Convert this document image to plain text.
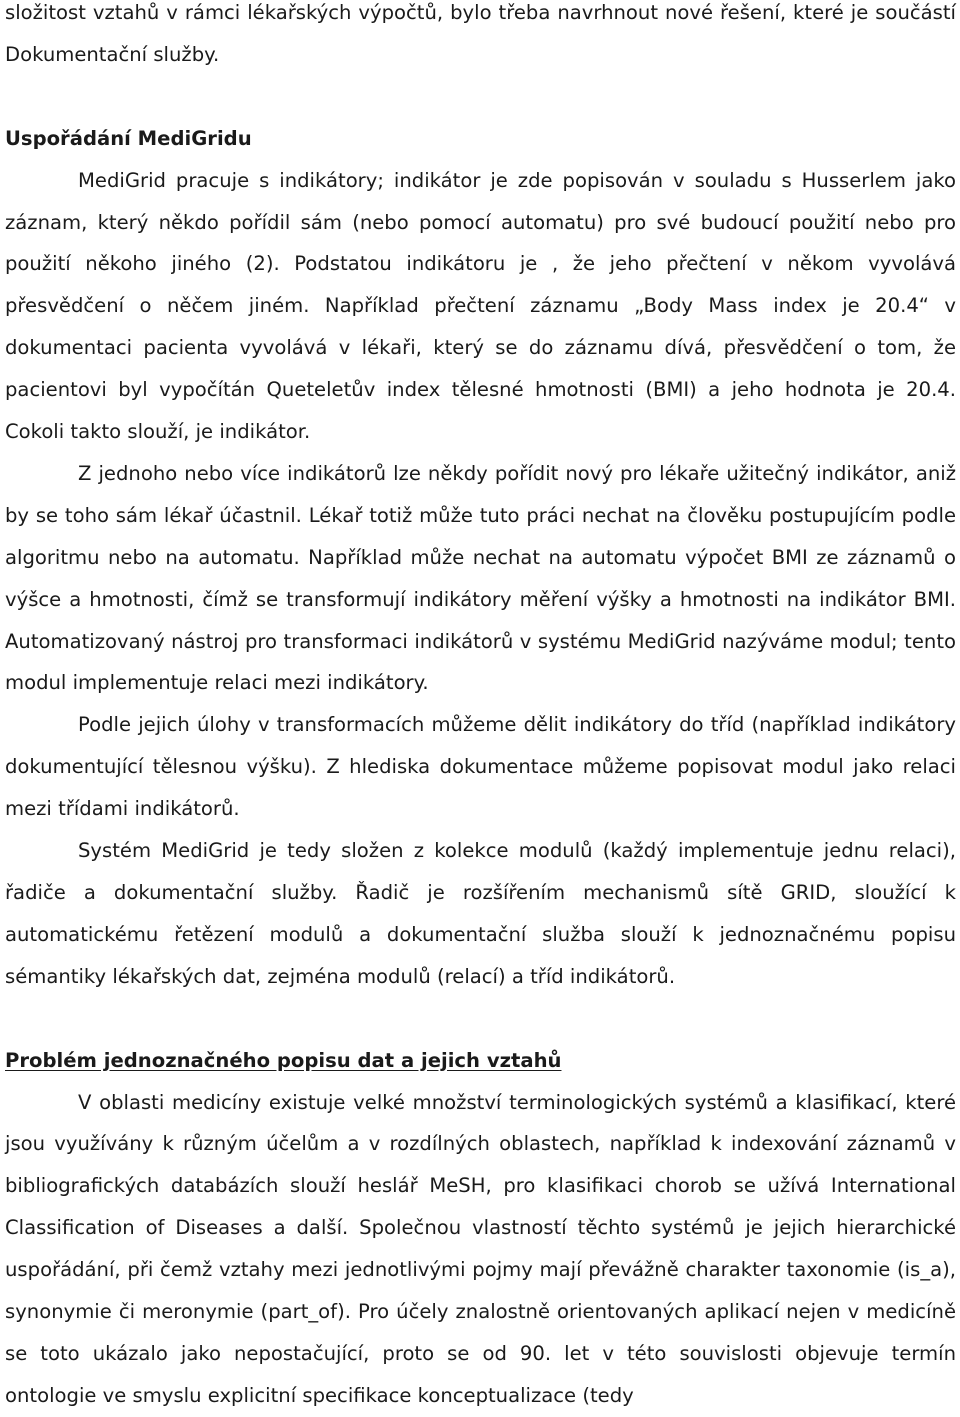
složitost vztahů v rámci lékařských výpočtů, bylo třeba navrhnout nové řešení, které je součástí Dokumentační služby.

Uspořádání MediGridu

MediGrid pracuje s indikátory; indikátor je zde popisován v souladu s Husserlem jako záznam, který někdo pořídil sám (nebo pomocí automatu) pro své budoucí použití nebo pro použití někoho jiného (2). Podstatou indikátoru je , že jeho přečtení v někom vyvolává přesvědčení o něčem jiném. Například přečtení záznamu „Body Mass index je 20.4“ v dokumentaci pacienta vyvolává v lékaři, který se do záznamu dívá, přesvědčení o tom, že pacientovi byl vypočítán Queteletův index tělesné hmotnosti (BMI) a jeho hodnota je 20.4. Cokoli takto slouží, je indikátor.

Z jednoho nebo více indikátorů lze někdy pořídit nový pro lékaře užitečný indikátor, aniž by se toho sám lékař účastnil. Lékař totiž může tuto práci nechat na člověku postupujícím podle algoritmu nebo na automatu. Například může nechat na automatu výpočet BMI ze záznamů o výšce a hmotnosti, čímž se transformují indikátory měření výšky a hmotnosti na indikátor BMI. Automatizovaný nástroj pro transformaci indikátorů v systému MediGrid nazýváme modul; tento modul implementuje relaci mezi indikátory.

Podle jejich úlohy v transformacích můžeme dělit indikátory do tříd (například indikátory dokumentující tělesnou výšku). Z hlediska dokumentace můžeme popisovat modul jako relaci mezi třídami indikátorů.

Systém MediGrid je tedy složen z kolekce modulů (každý implementuje jednu relaci), řadiče a dokumentační služby. Řadič je rozšířením mechanismů sítě GRID, sloužící k automatickému řetězení modulů a dokumentační služba slouží k jednoznačnému popisu sémantiky lékařských dat, zejména modulů (relací) a tříd indikátorů.

Problém jednoznačného popisu dat a jejich vztahů

V oblasti medicíny existuje velké množství terminologických systémů a klasifikací, které jsou využívány k různým účelům a v rozdílných oblastech, například k indexování záznamů v bibliografických databázích slouží heslář MeSH, pro klasifikaci chorob se užívá International Classification of Diseases a další. Společnou vlastností těchto systémů je jejich hierarchické uspořádání, při čemž vztahy mezi jednotlivými pojmy mají převážně charakter taxonomie (is_a), synonymie či meronymie (part_of). Pro účely znalostně orientovaných aplikací nejen v medicíně se toto ukázalo jako nepostačující, proto se od 90. let v této souvislosti objevuje termín ontologie ve smyslu explicitní specifikace konceptualizace (tedy
